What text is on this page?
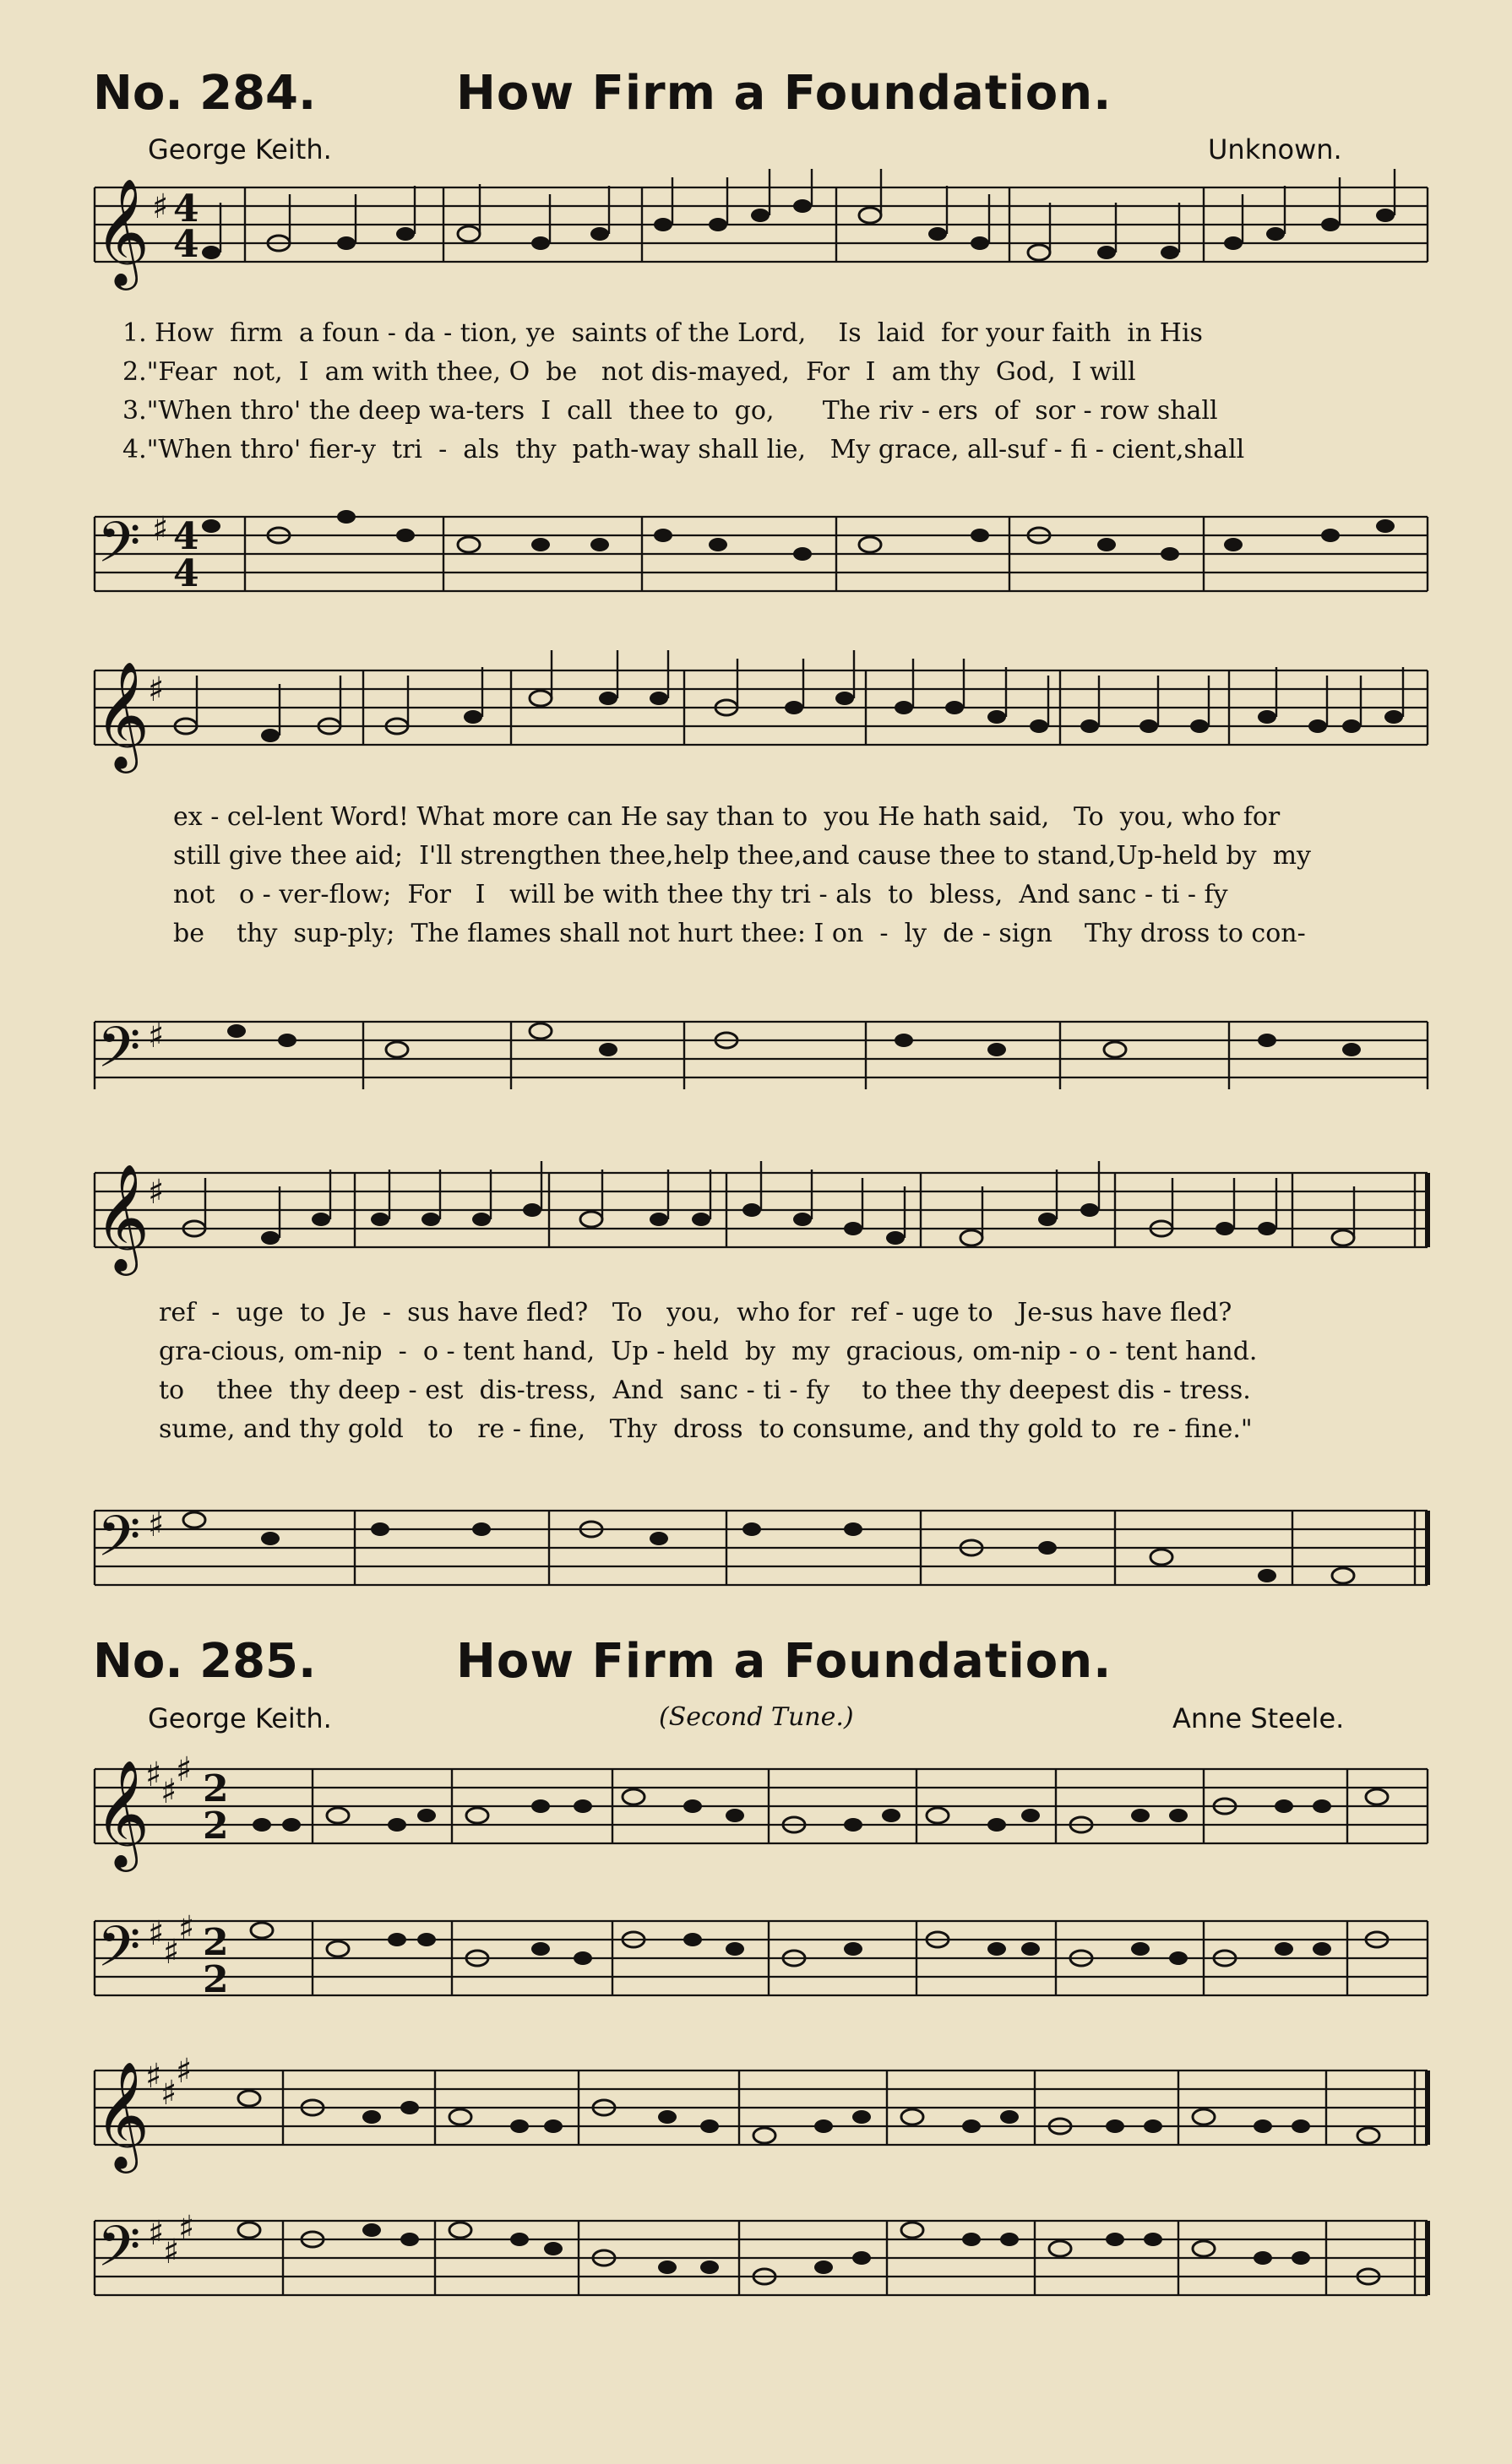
No. 284.	How Firm a Foundation.
George Keith.	Unknown.
𝄞 ♯ 4
4
𝄢 ♯ 4
4
1. How  firm  a foun - da - tion, ye  saints of the Lord,    Is  laid  for your faith  in His
2."Fear  not,  I  am with thee, O  be   not dis-mayed,  For  I  am thy  God,  I will
3."When thro' the deep wa-ters  I  call  thee to  go,      The riv - ers  of  sor - row shall
4."When thro' fier-y  tri  -  als  thy  path-way shall lie,   My grace, all-suf - fi - cient,shall
𝄞
♯
𝄢 ♯
ex - cel-lent Word! What more can He say than to  you He hath said,   To  you, who for
still give thee aid;  I'll strengthen thee,help thee,and cause thee to stand,Up-held by  my
not   o - ver-flow;  For   I   will be with thee thy tri - als  to  bless,  And sanc - ti - fy
be    thy  sup-ply;  The flames shall not hurt thee: I on  -  ly  de - sign    Thy dross to con-
𝄞
♯
𝄢 ♯
ref  -  uge  to  Je  -  sus have fled?   To   you,  who for  ref - uge to   Je-sus have fled?
gra-cious, om-nip  -  o - tent hand,  Up - held  by  my  gracious, om-nip - o - tent hand.
to    thee  thy deep - est  dis-tress,  And  sanc - ti - fy    to thee thy deepest dis - tress.
sume, and thy gold   to   re - fine,   Thy  dross  to consume, and thy gold to  re - fine."
No. 285.	How Firm a Foundation.
George Keith.	(Second Tune.)	Anne Steele.
𝄞
♯
♯
♯ 2
2
𝄢 ♯
♯
♯ 2
2
𝄞
♯
♯
♯
𝄢 ♯
♯
♯
